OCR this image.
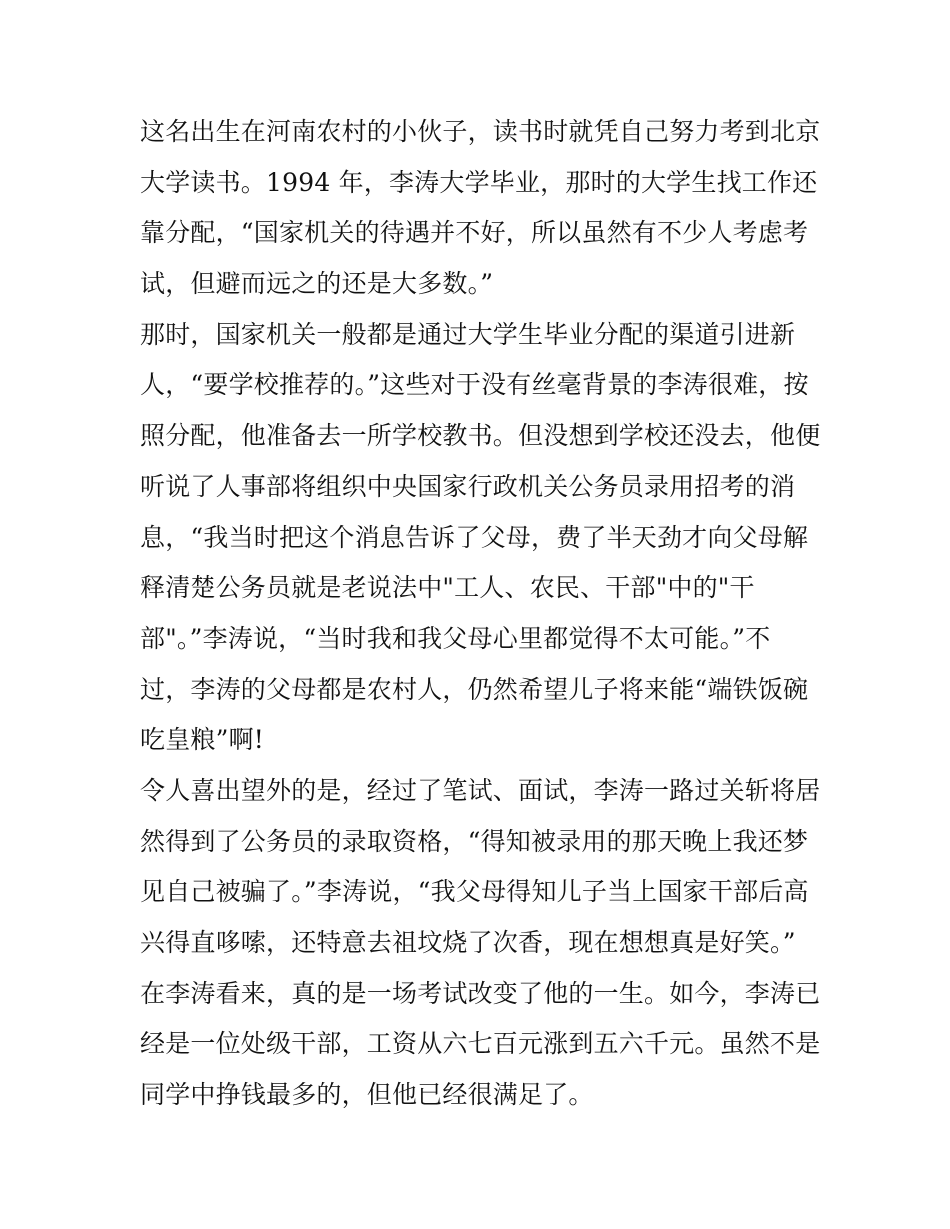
这名出生在河南农村的小伙子，读书时就凭自己努力考到北京
大学读书。1994 年，李涛大学毕业，那时的大学生找工作还
靠分配，“国家机关的待遇并不好，所以虽然有不少人考虑考
试，但避而远之的还是大多数。”
那时，国家机关一般都是通过大学生毕业分配的渠道引进新
人，“要学校推荐的。”这些对于没有丝毫背景的李涛很难，按
照分配，他准备去一所学校教书。但没想到学校还没去，他便
听说了人事部将组织中央国家行政机关公务员录用招考的消
息，“我当时把这个消息告诉了父母，费了半天劲才向父母解
释清楚公务员就是老说法中"工人、农民、干部"中的"干
部"。”李涛说，“当时我和我父母心里都觉得不太可能。”不
过，李涛的父母都是农村人，仍然希望儿子将来能“端铁饭碗
吃皇粮”啊!
令人喜出望外的是，经过了笔试、面试，李涛一路过关斩将居
然得到了公务员的录取资格，“得知被录用的那天晚上我还梦
见自己被骗了。”李涛说，“我父母得知儿子当上国家干部后高
兴得直哆嗦，还特意去祖坟烧了次香，现在想想真是好笑。”
在李涛看来，真的是一场考试改变了他的一生。如今，李涛已
经是一位处级干部，工资从六七百元涨到五六千元。虽然不是
同学中挣钱最多的，但他已经很满足了。
